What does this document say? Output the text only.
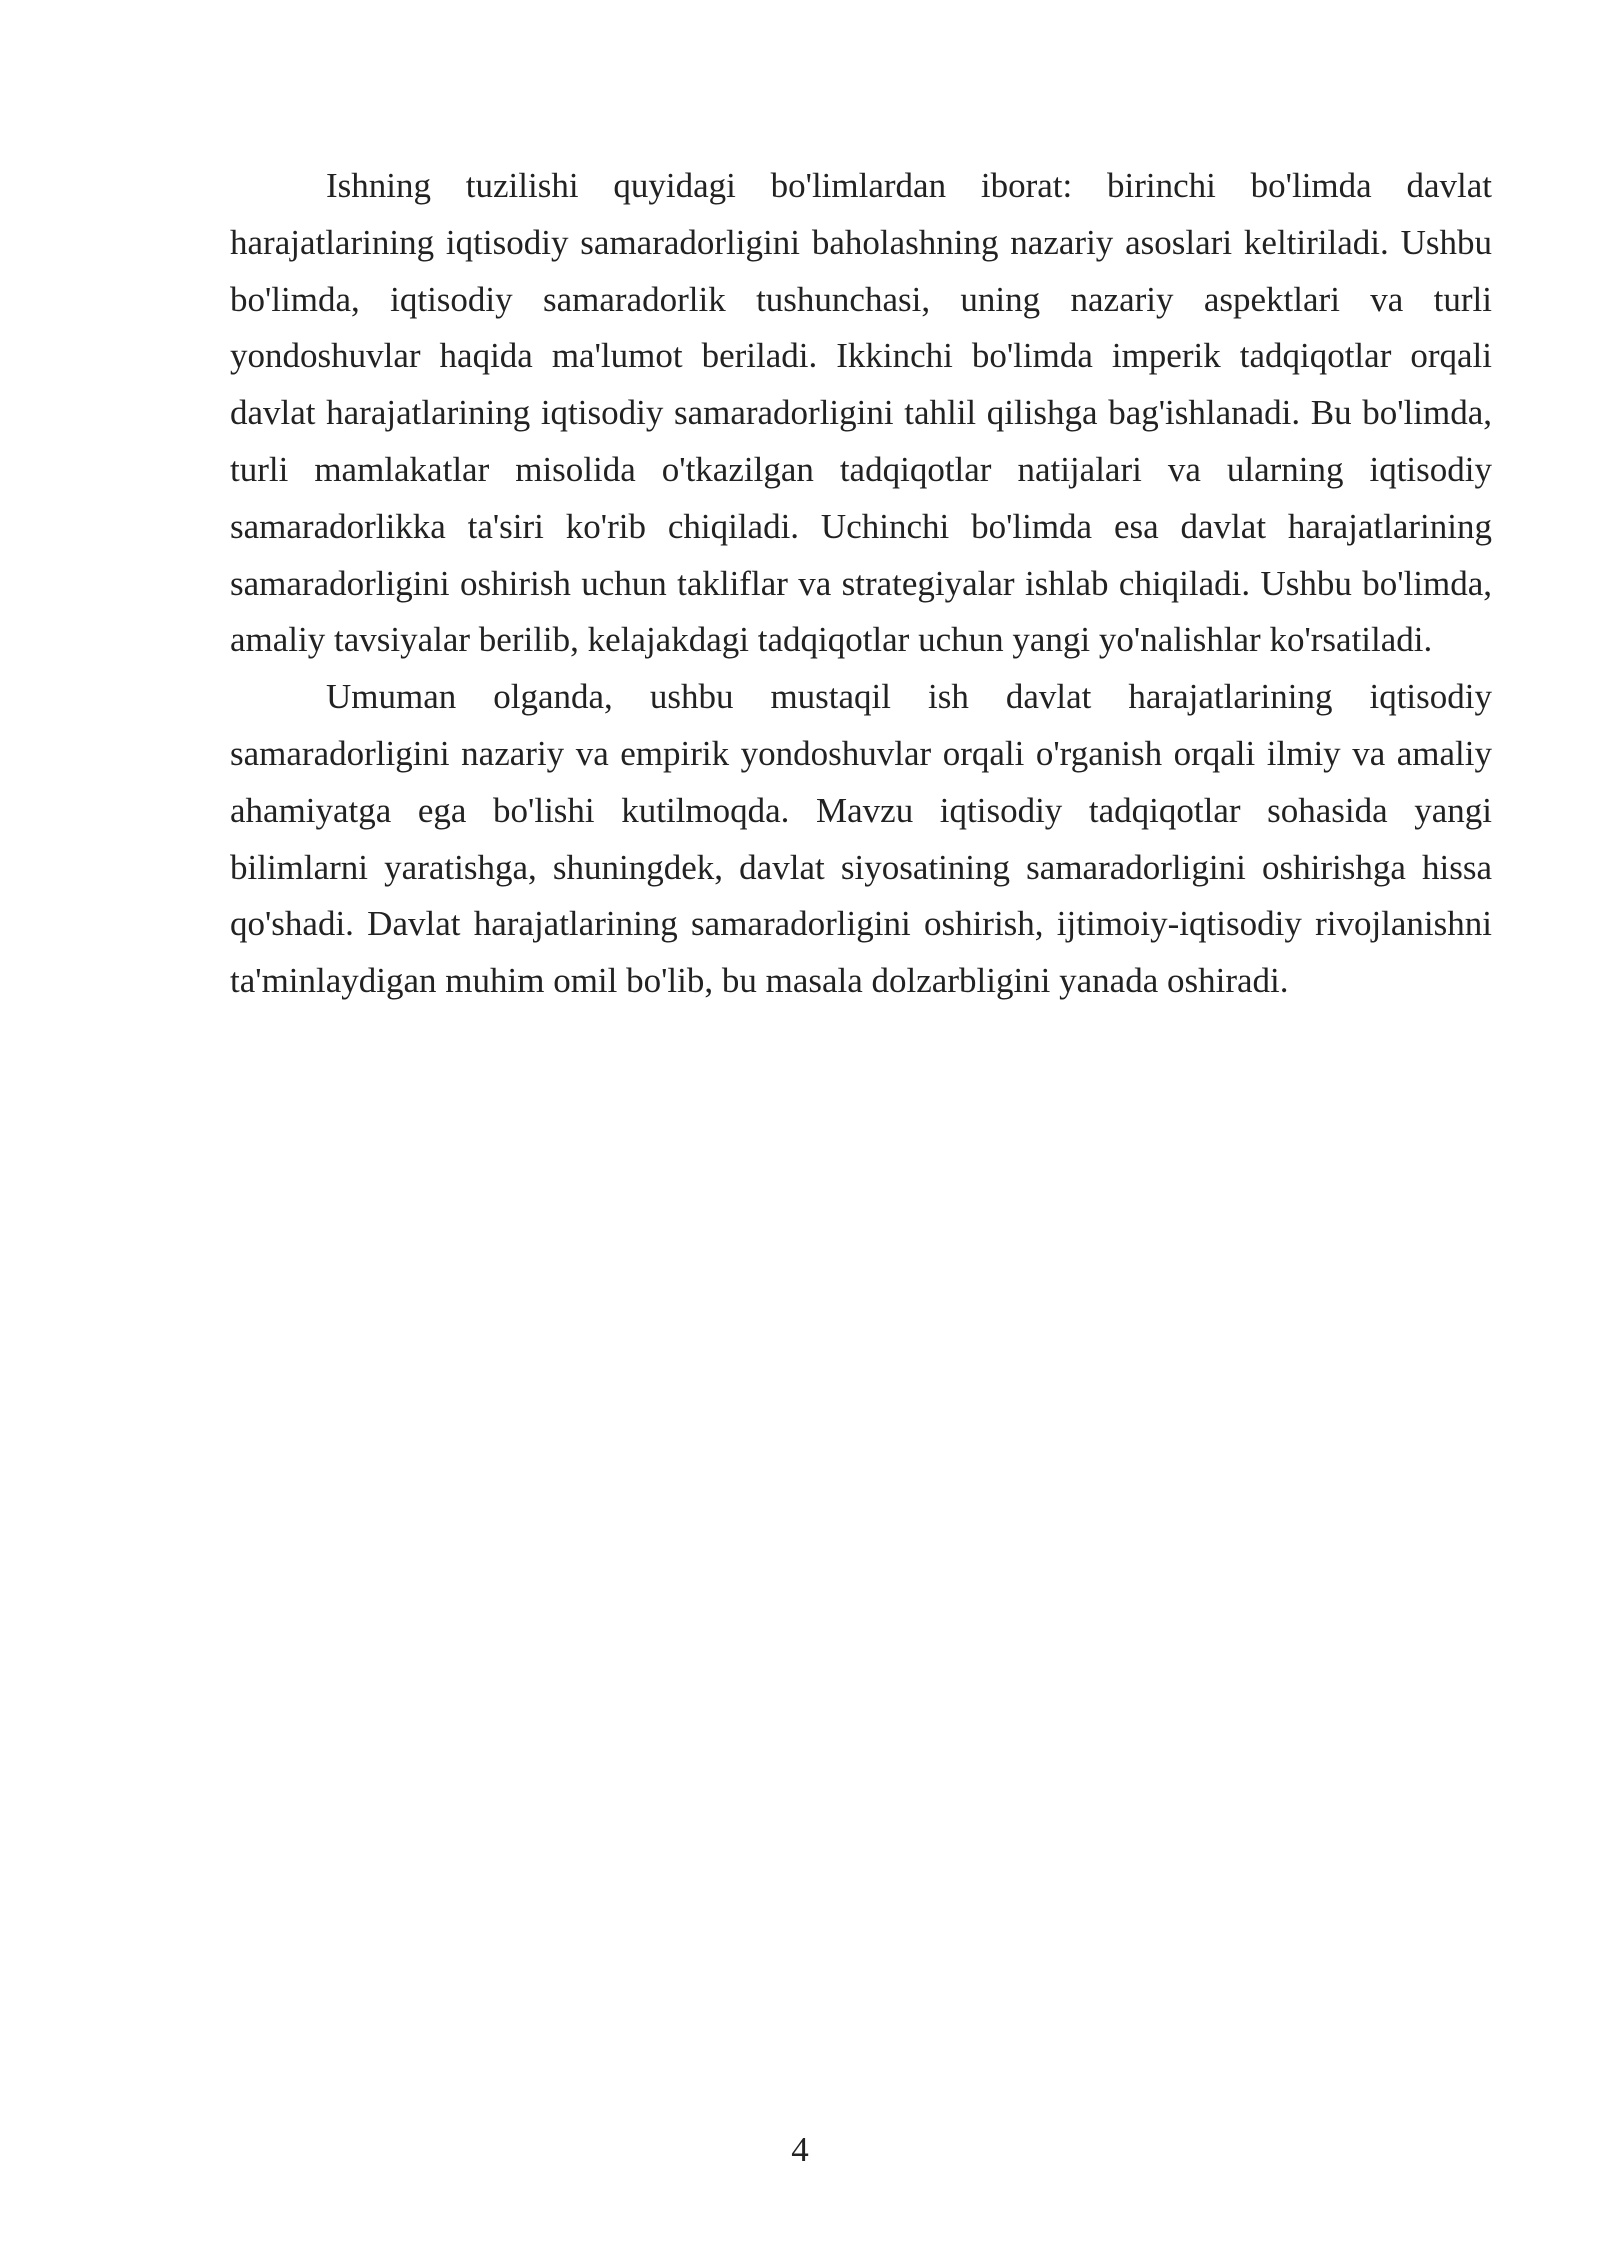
Ishning tuzilishi quyidagi bo'limlardan iborat: birinchi bo'limda davlat harajatlarining iqtisodiy samaradorligini baholashning nazariy asoslari keltiriladi. Ushbu bo'limda, iqtisodiy samaradorlik tushunchasi, uning nazariy aspektlari va turli yondoshuvlar haqida ma'lumot beriladi. Ikkinchi bo'limda imperik tadqiqotlar orqali davlat harajatlarining iqtisodiy samaradorligini tahlil qilishga bag'ishlanadi. Bu bo'limda, turli mamlakatlar misolida o'tkazilgan tadqiqotlar natijalari va ularning iqtisodiy samaradorlikka ta'siri ko'rib chiqiladi. Uchinchi bo'limda esa davlat harajatlarining samaradorligini oshirish uchun takliflar va strategiyalar ishlab chiqiladi. Ushbu bo'limda, amaliy tavsiyalar berilib, kelajakdagi tadqiqotlar uchun yangi yo'nalishlar ko'rsatiladi.

Umuman olganda, ushbu mustaqil ish davlat harajatlarining iqtisodiy samaradorligini nazariy va empirik yondoshuvlar orqali o'rganish orqali ilmiy va amaliy ahamiyatga ega bo'lishi kutilmoqda. Mavzu iqtisodiy tadqiqotlar sohasida yangi bilimlarni yaratishga, shuningdek, davlat siyosatining samaradorligini oshirishga hissa qo'shadi. Davlat harajatlarining samaradorligini oshirish, ijtimoiy-iqtisodiy rivojlanishni ta'minlaydigan muhim omil bo'lib, bu masala dolzarbligini yanada oshiradi.

4
